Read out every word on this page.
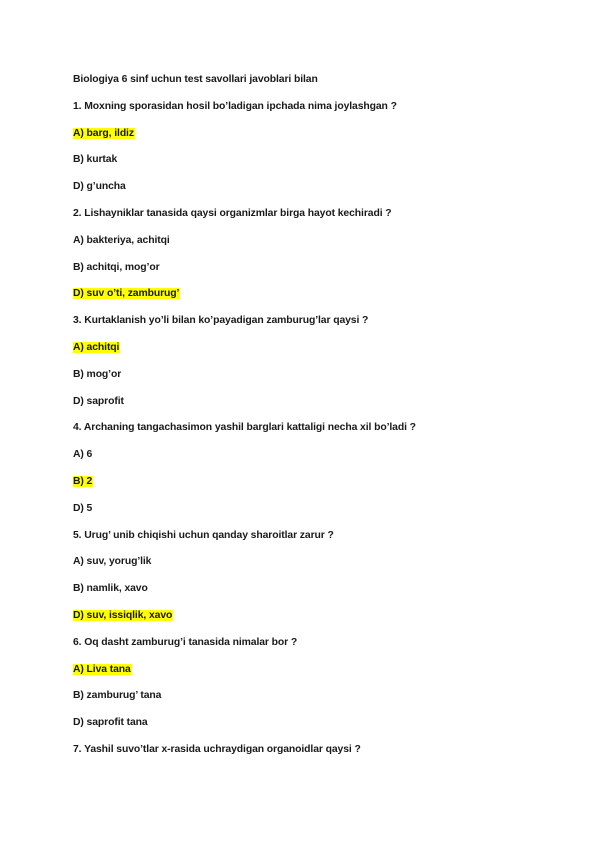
Biologiya 6 sinf uchun test savollari javoblari bilan
1. Moxning sporasidan hosil bo’ladigan ipchada nima joylashgan ?
A) barg, ildiz
B) kurtak
D) g’uncha
2. Lishayniklar tanasida qaysi organizmlar birga hayot kechiradi ?
A) bakteriya, achitqi
B) achitqi, mog’or
D) suv o’ti, zamburug’
3. Kurtaklanish yo’li bilan ko’payadigan zamburug’lar qaysi ?
A) achitqi
B) mog’or
D) saprofit
4. Archaning tangachasimon yashil barglari kattaligi necha xil bo’ladi ?
A) 6
B) 2
D) 5
5. Urug’ unib chiqishi uchun qanday sharoitlar zarur ?
A) suv, yorug’lik
B) namlik, xavo
D) suv, issiqlik, xavo
6. Oq dasht zamburug’i tanasida nimalar bor ?
A) Liva tana
B) zamburug’ tana
D) saprofit tana
7. Yashil suvo’tlar x-rasida uchraydigan organoidlar qaysi ?
